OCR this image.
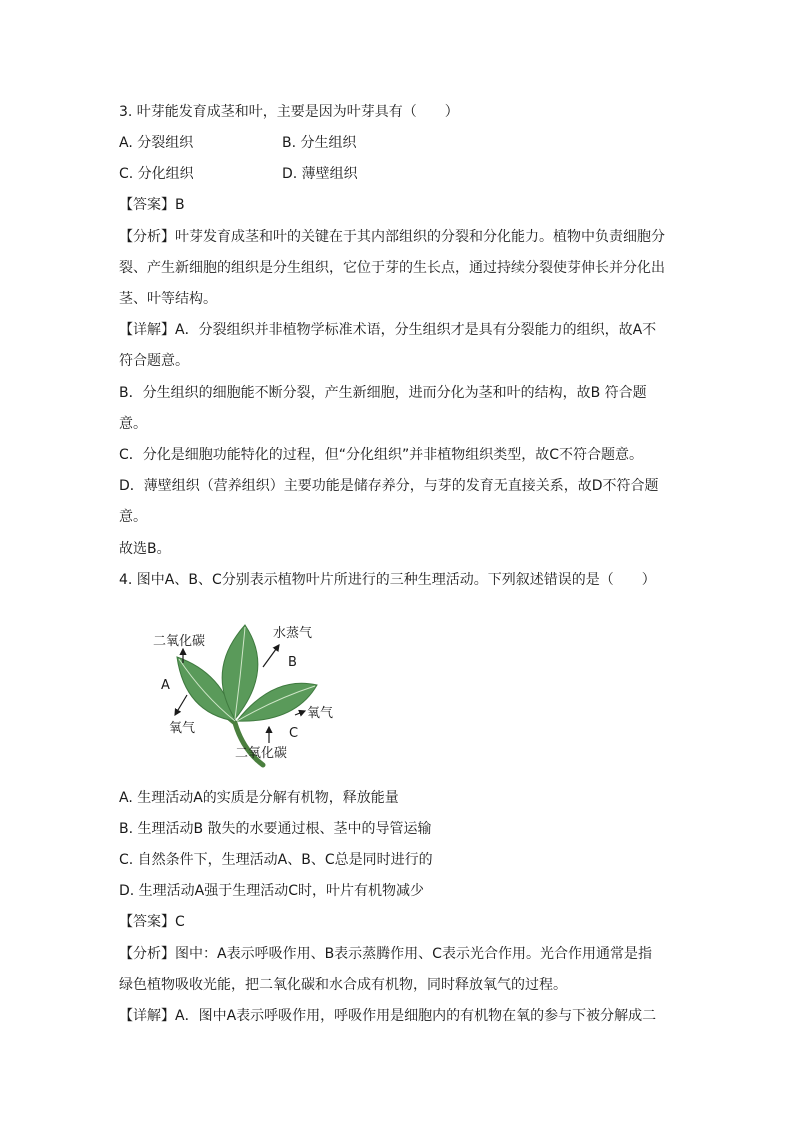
3. 叶芽能发育成茎和叶，主要是因为叶芽具有（　　）
A. 分裂组织	B. 分生组织
C. 分化组织	D. 薄壁组织
【答案】B
【分析】叶芽发育成茎和叶的关键在于其内部组织的分裂和分化能力。植物中负责细胞分
裂、产生新细胞的组织是分生组织，它位于芽的生长点，通过持续分裂使芽伸长并分化出
茎、叶等结构。
【详解】A．分裂组织并非植物学标准术语，分生组织才是具有分裂能力的组织，故A不
符合题意。
B．分生组织的细胞能不断分裂，产生新细胞，进而分化为茎和叶的结构，故B 符合题
意。
C．分化是细胞功能特化的过程，但“分化组织”并非植物组织类型，故C不符合题意。
D．薄壁组织（营养组织）主要功能是储存养分，与芽的发育无直接关系，故D不符合题
意。
故选B。
4. 图中A、B、C分别表示植物叶片所进行的三种生理活动。下列叙述错误的是（　　）
二氧化碳
水蒸气
B
A
氧气
氧气
C
二氧化碳
A. 生理活动A的实质是分解有机物，释放能量
B. 生理活动B 散失的水要通过根、茎中的导管运输
C. 自然条件下，生理活动A、B、C总是同时进行的
D. 生理活动A强于生理活动C时，叶片有机物减少
【答案】C
【分析】图中：A表示呼吸作用、B表示蒸腾作用、C表示光合作用。光合作用通常是指
绿色植物吸收光能，把二氧化碳和水合成有机物，同时释放氧气的过程。
【详解】A．图中A表示呼吸作用，呼吸作用是细胞内的有机物在氧的参与下被分解成二
